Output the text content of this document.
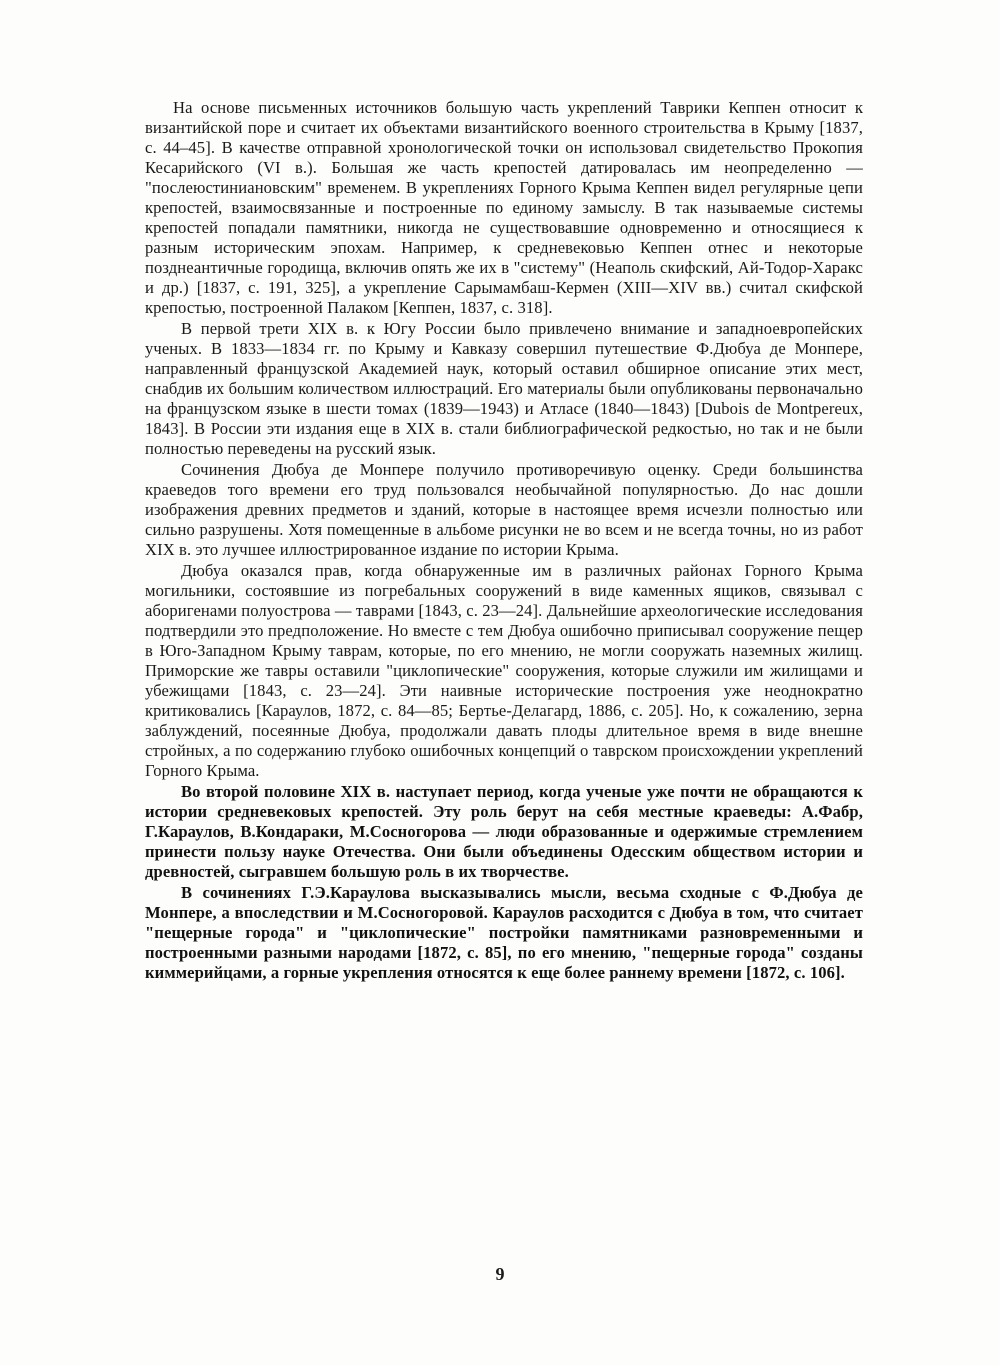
На основе письменных источников большую часть укреплений Таврики Кеппен относит к византийской поре и считает их объектами византийского военного строительства в Крыму [1837, с. 44–45]. В качестве отправной хронологической точки он использовал свидетельство Прокопия Кесарийского (VI в.). Большая же часть крепостей датировалась им неопределенно — "послеюстиниановским" временем. В укреплениях Горного Крыма Кеппен видел регулярные цепи крепостей, взаимосвязанные и построенные по единому замыслу. В так называемые системы крепостей попадали памятники, никогда не существовавшие одновременно и относящиеся к разным историческим эпохам. Например, к средневековью Кеппен отнес и некоторые позднеантичные городища, включив опять же их в "систему" (Неаполь скифский, Ай-Тодор-Харакс и др.) [1837, с. 191, 325], а укрепление Сарымамбаш-Кермен (XIII—XIV вв.) считал скифской крепостью, построенной Палаком [Кеппен, 1837, с. 318].

В первой трети XIX в. к Югу России было привлечено внимание и западноевропейских ученых. В 1833—1834 гг. по Крыму и Кавказу совершил путешествие Ф.Дюбуа де Монпере, направленный французской Академией наук, который оставил обширное описание этих мест, снабдив их большим количеством иллюстраций. Его материалы были опубликованы первоначально на французском языке в шести томах (1839—1943) и Атласе (1840—1843) [Dubois de Montpereux, 1843]. В России эти издания еще в XIX в. стали библиографической редкостью, но так и не были полностью переведены на русский язык.

Сочинения Дюбуа де Монпере получило противоречивую оценку. Среди большинства краеведов того времени его труд пользовался необычайной популярностью. До нас дошли изображения древних предметов и зданий, которые в настоящее время исчезли полностью или сильно разрушены. Хотя помещенные в альбоме рисунки не во всем и не всегда точны, но из работ XIX в. это лучшее иллюстрированное издание по истории Крыма.

Дюбуа оказался прав, когда обнаруженные им в различных районах Горного Крыма могильники, состоявшие из погребальных сооружений в виде каменных ящиков, связывал с аборигенами полуострова — таврами [1843, с. 23—24]. Дальнейшие археологические исследования подтвердили это предположение. Но вместе с тем Дюбуа ошибочно приписывал сооружение пещер в Юго-Западном Крыму таврам, которые, по его мнению, не могли сооружать наземных жилищ. Приморские же тавры оставили "циклопические" сооружения, которые служили им жилищами и убежищами [1843, с. 23—24]. Эти наивные исторические построения уже неоднократно критиковались [Караулов, 1872, с. 84—85; Бертье-Делагард, 1886, с. 205]. Но, к сожалению, зерна заблуждений, посеянные Дюбуа, продолжали давать плоды длительное время в виде внешне стройных, а по содержанию глубоко ошибочных концепций о тавpском происхождении укреплений Горного Крыма.

Во второй половине XIX в. наступает период, когда ученые уже почти не обращаются к истории средневековых крепостей. Эту роль берут на себя местные краеведы: А.Фабр, Г.Караулов, В.Кондараки, М.Сосногорова — люди образованные и одержимые стремлением принести пользу науке Отечества. Они были объединены Одесским обществом истории и древностей, сыгравшем большую роль в их творчестве.

В сочинениях Г.Э.Караулова высказывались мысли, весьма сходные с Ф.Дюбуа де Монпере, а впоследствии и М.Сосногоровой. Караулов расходится с Дюбуа в том, что считает "пещерные города" и "циклопические" постройки памятниками разновременными и построенными разными народами [1872, с. 85], по его мнению, "пещерные города" созданы киммерийцами, а горные укрепления относятся к еще более раннему времени [1872, с. 106].

9
